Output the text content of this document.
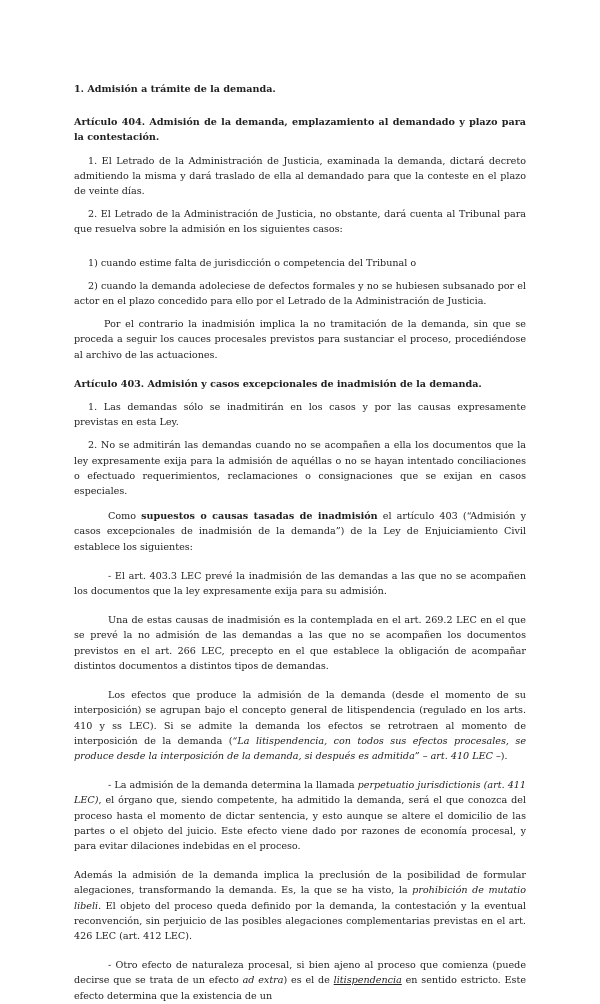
1. Admisión a trámite de la demanda.

Artículo 404. Admisión de la demanda, emplazamiento al demandado y plazo para la contestación.

1. El Letrado de la Administración de Justicia, examinada la demanda, dictará decreto admitiendo la misma y dará traslado de ella al demandado para que la conteste en el plazo de veinte días.

2. El Letrado de la Administración de Justicia, no obstante, dará cuenta al Tribunal para que resuelva sobre la admisión en los siguientes casos:

1) cuando estime falta de jurisdicción o competencia del Tribunal o

2) cuando la demanda adoleciese de defectos formales y no se hubiesen subsanado por el actor en el plazo concedido para ello por el Letrado de la Administración de Justicia.

Por el contrario la inadmisión implica la no tramitación de la demanda, sin que se proceda a seguir los cauces procesales previstos para sustanciar el proceso, procediéndose al archivo de las actuaciones.

Artículo 403. Admisión y casos excepcionales de inadmisión de la demanda.

1. Las demandas sólo se inadmitirán en los casos y por las causas expresamente previstas en esta Ley.

2. No se admitirán las demandas cuando no se acompañen a ella los documentos que la ley expresamente exija para la admisión de aquéllas o no se hayan intentado conciliaciones o efectuado requerimientos, reclamaciones o consignaciones que se exijan en casos especiales.

Como supuestos o causas tasadas de inadmisión el artículo 403 (“Admisión y casos excepcionales de inadmisión de la demanda”) de la Ley de Enjuiciamiento Civil establece los siguientes:

- El art. 403.3 LEC prevé la inadmisión de las demandas a las que no se acompañen los documentos que la ley expresamente exija para su admisión.

Una de estas causas de inadmisión es la contemplada en el art. 269.2 LEC en el que se prevé la no admisión de las demandas a las que no se acompañen los documentos previstos en el art. 266 LEC, precepto en el que establece la obligación de acompañar distintos documentos a distintos tipos de demandas.

Los efectos que produce la admisión de la demanda (desde el momento de su interposición) se agrupan bajo el concepto general de litispendencia (regulado en los arts. 410 y ss LEC). Si se admite la demanda los efectos se retrotraen al momento de interposición de la demanda (“La litispendencia, con todos sus efectos procesales, se produce desde la interposición de la demanda, si después es admitida” – art. 410 LEC –).

- La admisión de la demanda determina la llamada perpetuatio jurisdictionis (art. 411 LEC), el órgano que, siendo competente, ha admitido la demanda, será el que conozca del proceso hasta el momento de dictar sentencia, y esto aunque se altere el domicilio de las partes o el objeto del juicio. Este efecto viene dado por razones de economía procesal, y para evitar dilaciones indebidas en el proceso.

Además la admisión de la demanda implica la preclusión de la posibilidad de formular alegaciones, transformando la demanda. Es, la que se ha visto, la prohibición de mutatio libeli. El objeto del proceso queda definido por la demanda, la contestación y la eventual reconvención, sin perjuicio de las posibles alegaciones complementarias previstas en el art. 426 LEC (art. 412 LEC).

- Otro efecto de naturaleza procesal, si bien ajeno al proceso que comienza (puede decirse que se trata de un efecto ad extra) es el de litispendencia en sentido estricto. Este efecto determina que la existencia de un
